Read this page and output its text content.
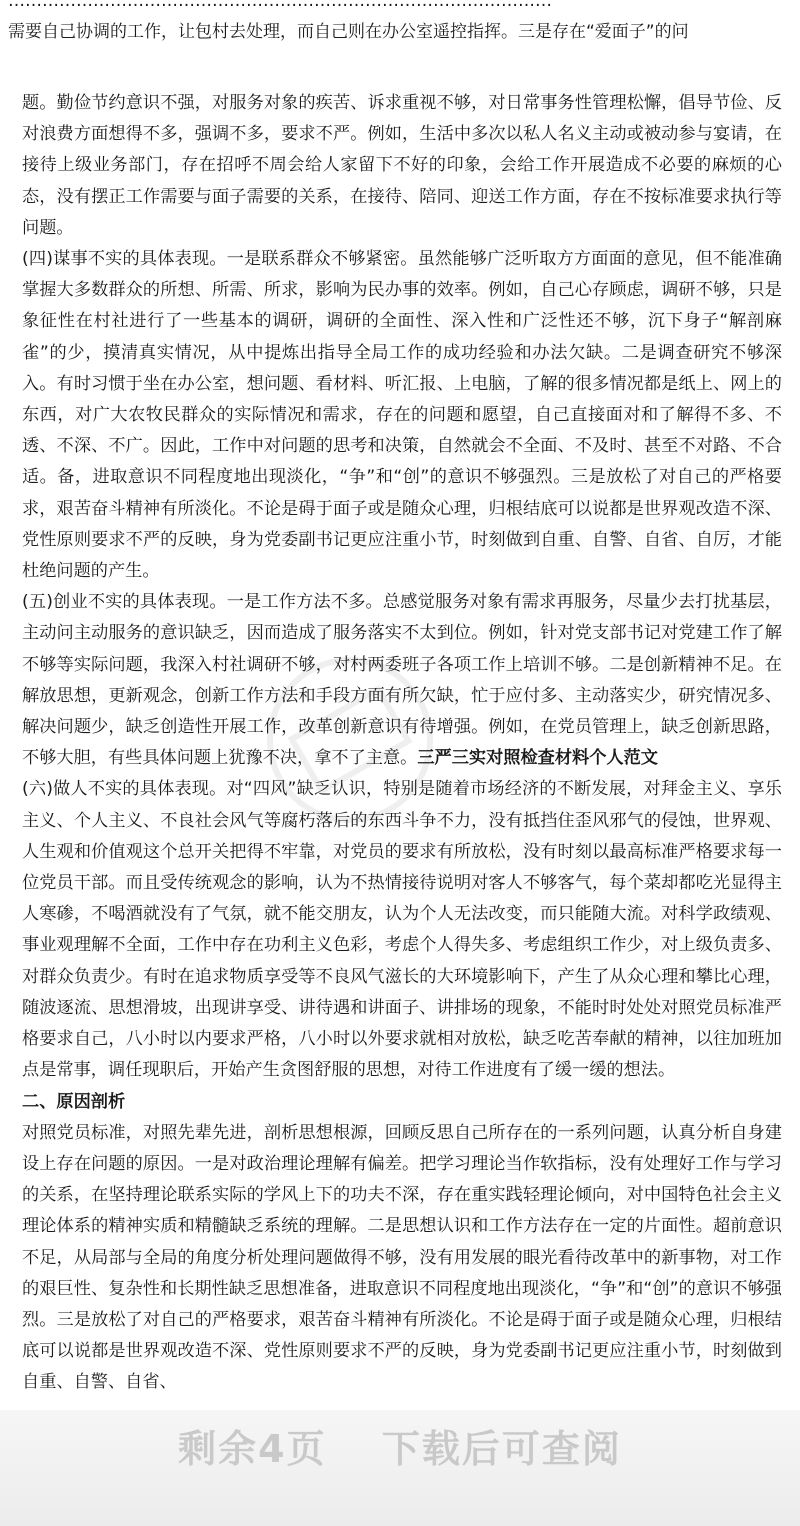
……………………………………………………………………………………
需要自己协调的工作，让包村去处理，而自己则在办公室遥控指挥。三是存在“爱面子”的问

题。勤俭节约意识不强，对服务对象的疾苦、诉求重视不够，对日常事务性管理松懈，倡导节俭、反对浪费方面想得不多，强调不多，要求不严。例如，生活中多次以私人名义主动或被动参与宴请，在接待上级业务部门，存在招呼不周会给人家留下不好的印象，会给工作开展造成不必要的麻烦的心态，没有摆正工作需要与面子需要的关系，在接待、陪同、迎送工作方面，存在不按标准要求执行等问题。

(四)谋事不实的具体表现。一是联系群众不够紧密。虽然能够广泛听取方方面面的意见，但不能准确掌握大多数群众的所想、所需、所求，影响为民办事的效率。例如，自己心存顾虑，调研不够，只是象征性在村社进行了一些基本的调研，调研的全面性、深入性和广泛性还不够，沉下身子“解剖麻雀”的少，摸清真实情况，从中提炼出指导全局工作的成功经验和办法欠缺。二是调查研究不够深入。有时习惯于坐在办公室，想问题、看材料、听汇报、上电脑，了解的很多情况都是纸上、网上的东西，对广大农牧民群众的实际情况和需求，存在的问题和愿望，自己直接面对和了解得不多、不透、不深、不广。因此，工作中对问题的思考和决策，自然就会不全面、不及时、甚至不对路、不合适。备，进取意识不同程度地出现淡化，“争”和“创”的意识不够强烈。三是放松了对自己的严格要求，艰苦奋斗精神有所淡化。不论是碍于面子或是随众心理，归根结底可以说都是世界观改造不深、党性原则要求不严的反映，身为党委副书记更应注重小节，时刻做到自重、自警、自省、自厉，才能杜绝问题的产生。

(五)创业不实的具体表现。一是工作方法不多。总感觉服务对象有需求再服务，尽量少去打扰基层，主动问主动服务的意识缺乏，因而造成了服务落实不太到位。例如，针对党支部书记对党建工作了解不够等实际问题，我深入村社调研不够，对村两委班子各项工作上培训不够。二是创新精神不足。在解放思想，更新观念，创新工作方法和手段方面有所欠缺，忙于应付多、主动落实少，研究情况多、解决问题少，缺乏创造性开展工作，改革创新意识有待增强。例如，在党员管理上，缺乏创新思路，不够大胆，有些具体问题上犹豫不决，拿不了主意。三严三实对照检查材料个人范文

(六)做人不实的具体表现。对“四风”缺乏认识，特别是随着市场经济的不断发展，对拜金主义、享乐主义、个人主义、不良社会风气等腐朽落后的东西斗争不力，没有抵挡住歪风邪气的侵蚀，世界观、人生观和价值观这个总开关把得不牢靠，对党员的要求有所放松，没有时刻以最高标准严格要求每一位党员干部。而且受传统观念的影响，认为不热情接待说明对客人不够客气，每个菜却都吃光显得主人寒碜，不喝酒就没有了气氛，就不能交朋友，认为个人无法改变，而只能随大流。对科学政绩观、事业观理解不全面，工作中存在功利主义色彩，考虑个人得失多、考虑组织工作少，对上级负责多、对群众负责少。有时在追求物质享受等不良风气滋长的大环境影响下，产生了从众心理和攀比心理，随波逐流、思想滑坡，出现讲享受、讲待遇和讲面子、讲排场的现象，不能时时处处对照党员标准严格要求自己，八小时以内要求严格，八小时以外要求就相对放松，缺乏吃苦奉献的精神，以往加班加点是常事，调任现职后，开始产生贪图舒服的思想，对待工作进度有了缓一缓的想法。

二、原因剖析

对照党员标准，对照先辈先进，剖析思想根源，回顾反思自己所存在的一系列问题，认真分析自身建设上存在问题的原因。一是对政治理论理解有偏差。把学习理论当作软指标，没有处理好工作与学习的关系，在坚持理论联系实际的学风上下的功夫不深，存在重实践轻理论倾向，对中国特色社会主义理论体系的精神实质和精髓缺乏系统的理解。二是思想认识和工作方法存在一定的片面性。超前意识不足，从局部与全局的角度分析处理问题做得不够，没有用发展的眼光看待改革中的新事物，对工作的艰巨性、复杂性和长期性缺乏思想准备，进取意识不同程度地出现淡化，“争”和“创”的意识不够强烈。三是放松了对自己的严格要求，艰苦奋斗精神有所淡化。不论是碍于面子或是随众心理，归根结底可以说都是世界观改造不深、党性原则要求不严的反映，身为党委副书记更应注重小节，时刻做到自重、自警、自省、

剩余4页 下载后可查阅
